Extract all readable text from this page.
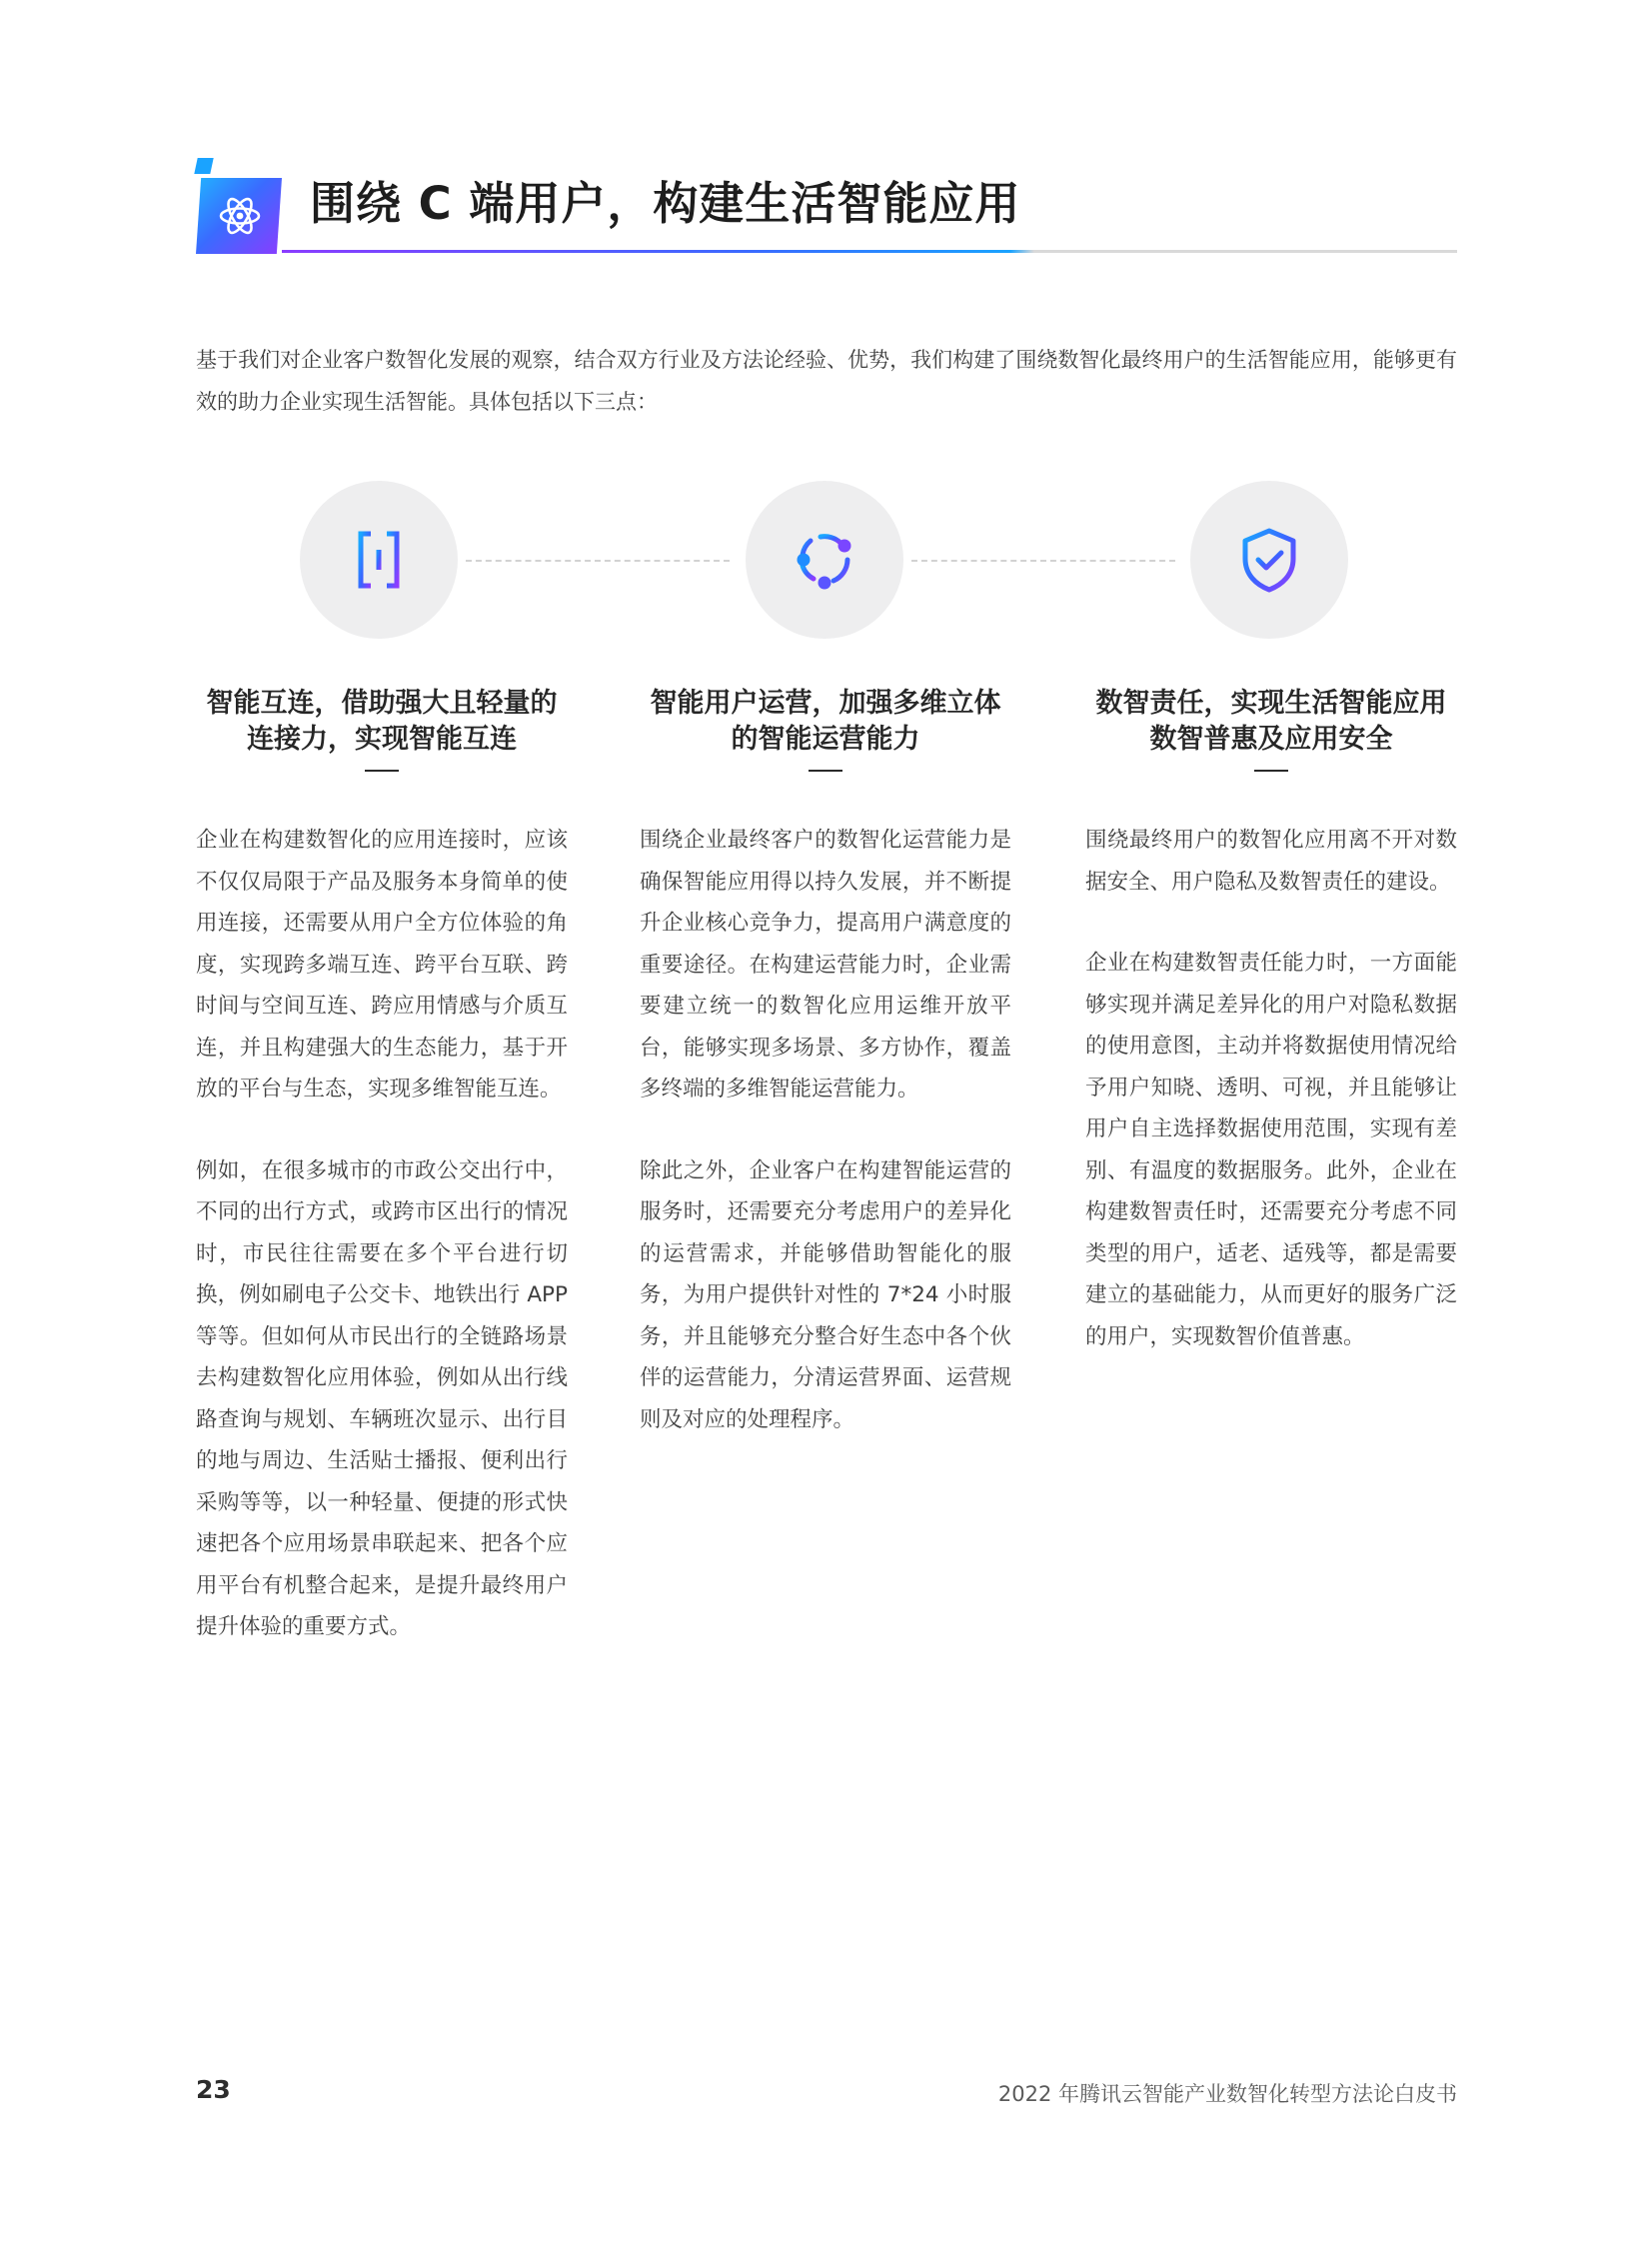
围绕 C 端用户，构建生活智能应用

基于我们对企业客户数智化发展的观察，结合双方行业及方法论经验、优势，我们构建了围绕数智化最终用户的生活智能应用，能够更有效的助力企业实现生活智能。具体包括以下三点：

智能互连，借助强大且轻量的
连接力，实现智能互连

企业在构建数智化的应用连接时，应该不仅仅局限于产品及服务本身简单的使用连接，还需要从用户全方位体验的角度，实现跨多端互连、跨平台互联、跨时间与空间互连、跨应用情感与介质互连，并且构建强大的生态能力，基于开放的平台与生态，实现多维智能互连。

例如，在很多城市的市政公交出行中，不同的出行方式，或跨市区出行的情况时，市民往往需要在多个平台进行切换，例如刷电子公交卡、地铁出行 APP 等等。但如何从市民出行的全链路场景去构建数智化应用体验，例如从出行线路查询与规划、车辆班次显示、出行目的地与周边、生活贴士播报、便利出行采购等等，以一种轻量、便捷的形式快速把各个应用场景串联起来、把各个应用平台有机整合起来，是提升最终用户提升体验的重要方式。

智能用户运营，加强多维立体
的智能运营能力

围绕企业最终客户的数智化运营能力是确保智能应用得以持久发展，并不断提升企业核心竞争力，提高用户满意度的重要途径。在构建运营能力时，企业需要建立统一的数智化应用运维开放平台，能够实现多场景、多方协作，覆盖多终端的多维智能运营能力。

除此之外，企业客户在构建智能运营的服务时，还需要充分考虑用户的差异化的运营需求，并能够借助智能化的服务，为用户提供针对性的 7*24 小时服务，并且能够充分整合好生态中各个伙伴的运营能力，分清运营界面、运营规则及对应的处理程序。

数智责任，实现生活智能应用
数智普惠及应用安全

围绕最终用户的数智化应用离不开对数据安全、用户隐私及数智责任的建设。

企业在构建数智责任能力时，一方面能够实现并满足差异化的用户对隐私数据的使用意图，主动并将数据使用情况给予用户知晓、透明、可视，并且能够让用户自主选择数据使用范围，实现有差别、有温度的数据服务。此外，企业在构建数智责任时，还需要充分考虑不同类型的用户，适老、适残等，都是需要建立的基础能力，从而更好的服务广泛的用户，实现数智价值普惠。

23	2022 年腾讯云智能产业数智化转型方法论白皮书
